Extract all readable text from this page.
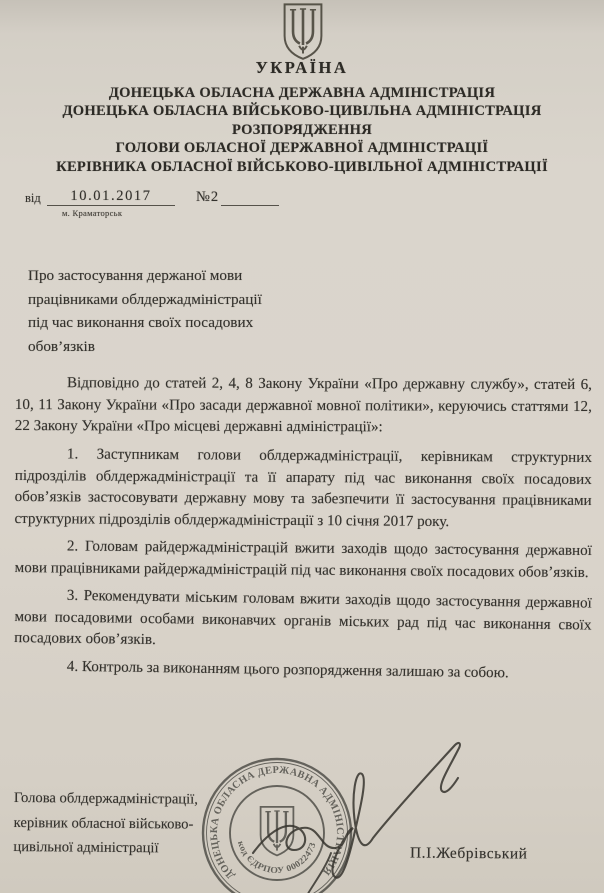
УКРАЇНА
ДОНЕЦЬКА ОБЛАСНА ДЕРЖАВНА АДМІНІСТРАЦІЯ
ДОНЕЦЬКА ОБЛАСНА ВІЙСЬКОВО-ЦИВІЛЬНА АДМІНІСТРАЦІЯ
РОЗПОРЯДЖЕННЯ
ГОЛОВИ ОБЛАСНОЇ ДЕРЖАВНОЇ АДМІНІСТРАЦІЇ
КЕРІВНИКА ОБЛАСНОЇ ВІЙСЬКОВО-ЦИВІЛЬНОЇ АДМІНІСТРАЦІЇ
від	10.01.2017
м. Краматорськ
№2
Про застосування держаної мови
працівниками облдержадміністрації
під час виконання своїх посадових
обов’язків

Відповідно до статей 2, 4, 8 Закону України «Про державну службу», статей 6, 10, 11 Закону України «Про засади державної мовної політики», керуючись статтями 12, 22 Закону України «Про місцеві державні адміністрації»:

1. Заступникам голови облдержадміністрації, керівникам структурних підрозділів облдержадміністрації та її апарату під час виконання своїх посадових обов’язків застосовувати державну мову та забезпечити її застосування працівниками структурних підрозділів облдержадміністрації з 10 січня 2017 року.

2. Головам райдержадміністрацій вжити заходів щодо застосування державної мови працівниками райдержадміністрацій під час виконання своїх посадових обов’язків.

3. Рекомендувати міським головам вжити заходів щодо застосування державної мови посадовими особами виконавчих органів міських рад під час виконання своїх посадових обов’язків.

4. Контроль за виконанням цього розпорядження залишаю за собою.

Голова облдержадміністрації,
керівник обласної військово-
цивільної адміністрації
ДОНЕЦЬКА ОБЛАСНА ДЕРЖАВНА АДМІНІСТРАЦІЯ
код ЄДРПОУ 00022473	П.І.Жебрівський
